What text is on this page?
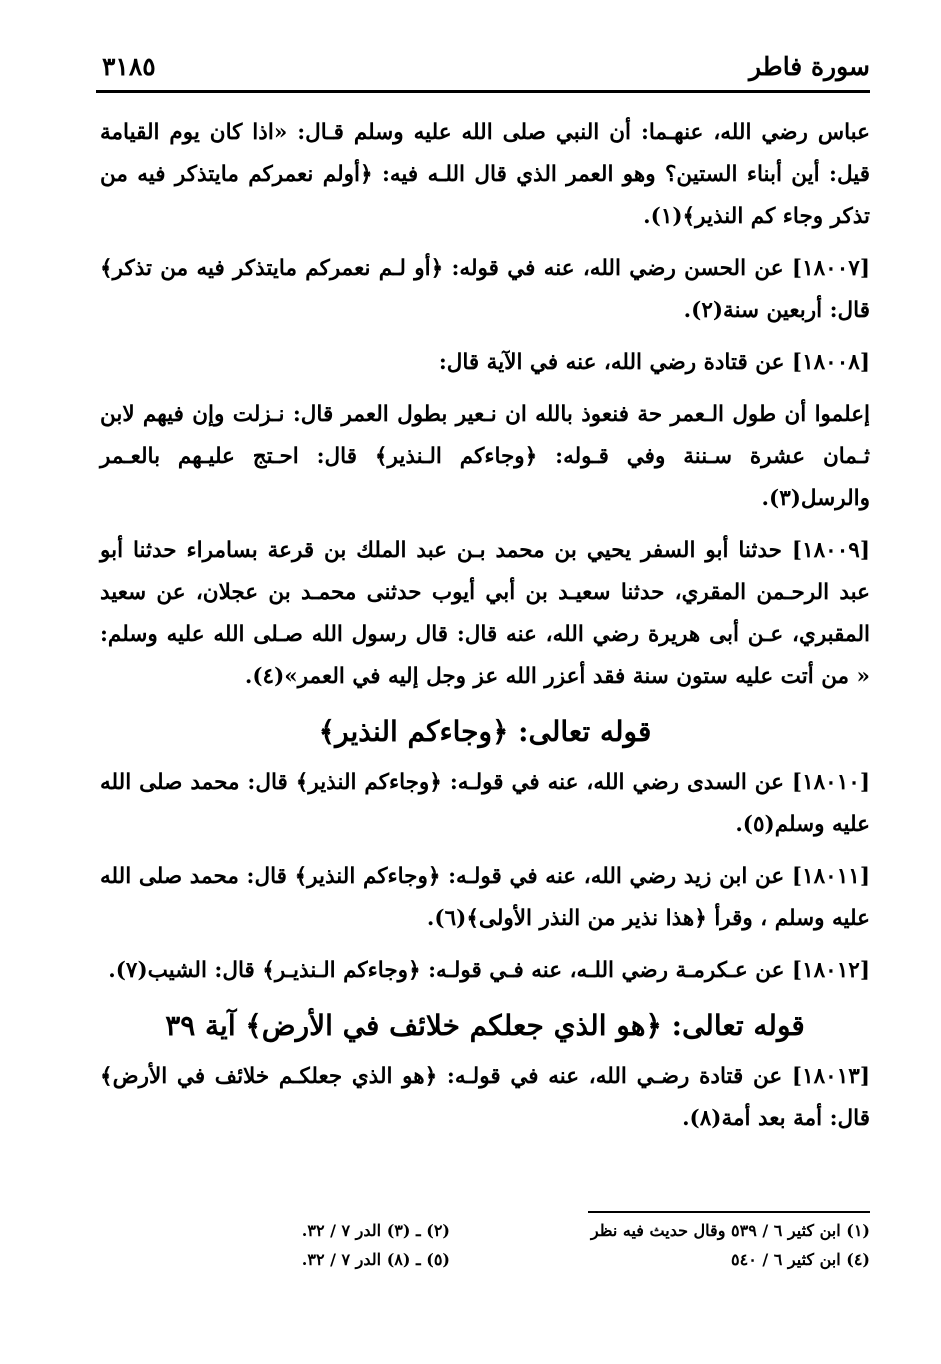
سورة فاطر
٣١٨٥

عباس رضي الله، عنهـما: أن النبي صلى الله عليه وسلم قـال: «اذا كان يوم القيامة قيل: أين أبناء الستين؟ وهو العمر الذي قال اللـه فيه: ﴿أولم نعمركم مايتذكر فيه من تذكر وجاء كم النذير﴾(١).

[١٨٠٠٧] عن الحسن رضي الله، عنه في قوله: ﴿أو لـم نعمركم مايتذكر فيه من تذكر﴾ قال: أربعين سنة(٢).

[١٨٠٠٨] عن قتادة رضي الله، عنه في الآية قال:

إعلموا أن طول الـعمر حة فنعوذ بالله ان نـعير بطول العمر قال: نـزلت وإن فيهم لابن ثـمان عشرة سـننة وفي قـوله: ﴿وجاءكم الـنذير﴾ قال: احـتج عليـهم بالعـمر والرسل(٣).

[١٨٠٠٩] حدثنا أبو السفر يحيي بن محمد بـن عبد الملك بن قرعة بسامراء حدثنا أبو عبد الرحـمن المقري، حدثنا سعيـد بن أبي أيوب حدثنى محمـد بن عجلان، عن سعيد المقبري، عـن أبى هريرة رضي الله، عنه قال: قال رسول الله صـلى الله عليه وسلم: « من أتت عليه ستون سنة فقد أعزر الله عز وجل إليه في العمر»(٤).

قوله تعالى: ﴿وجاءكم النذير﴾

[١٨٠١٠] عن السدى رضي الله، عنه في قولـه: ﴿وجاءكم النذير﴾ قال: محمد صلى الله عليه وسلم(٥).

[١٨٠١١] عن ابن زيد رضي الله، عنه في قولـه: ﴿وجاءكم النذير﴾ قال: محمد صلى الله عليه وسلم ، وقرأ ﴿هذا نذير من النذر الأولى﴾(٦).

[١٨٠١٢] عن عـكرمـة رضي اللـه، عنه فـي قولـه: ﴿وجاءكم الـنذيـر﴾ قال: الشيب(٧).

قوله تعالى: ﴿هو الذي جعلكم خلائف في الأرض﴾ آية ٣٩

[١٨٠١٣] عن قتادة رضـي الله، عنه في قولـه: ﴿هو الذي جعلكـم خلائف في الأرض﴾ قال: أمة بعد أمة(٨).

(١) ابن كثير ٦ / ٥٣٩ وقال حديث فيه نظر
(٢) ـ (٣) الدر ٧ / ٣٢.
(٤) ابن كثير ٦ / ٥٤٠
(٥) ـ (٨) الدر ٧ / ٣٢.
